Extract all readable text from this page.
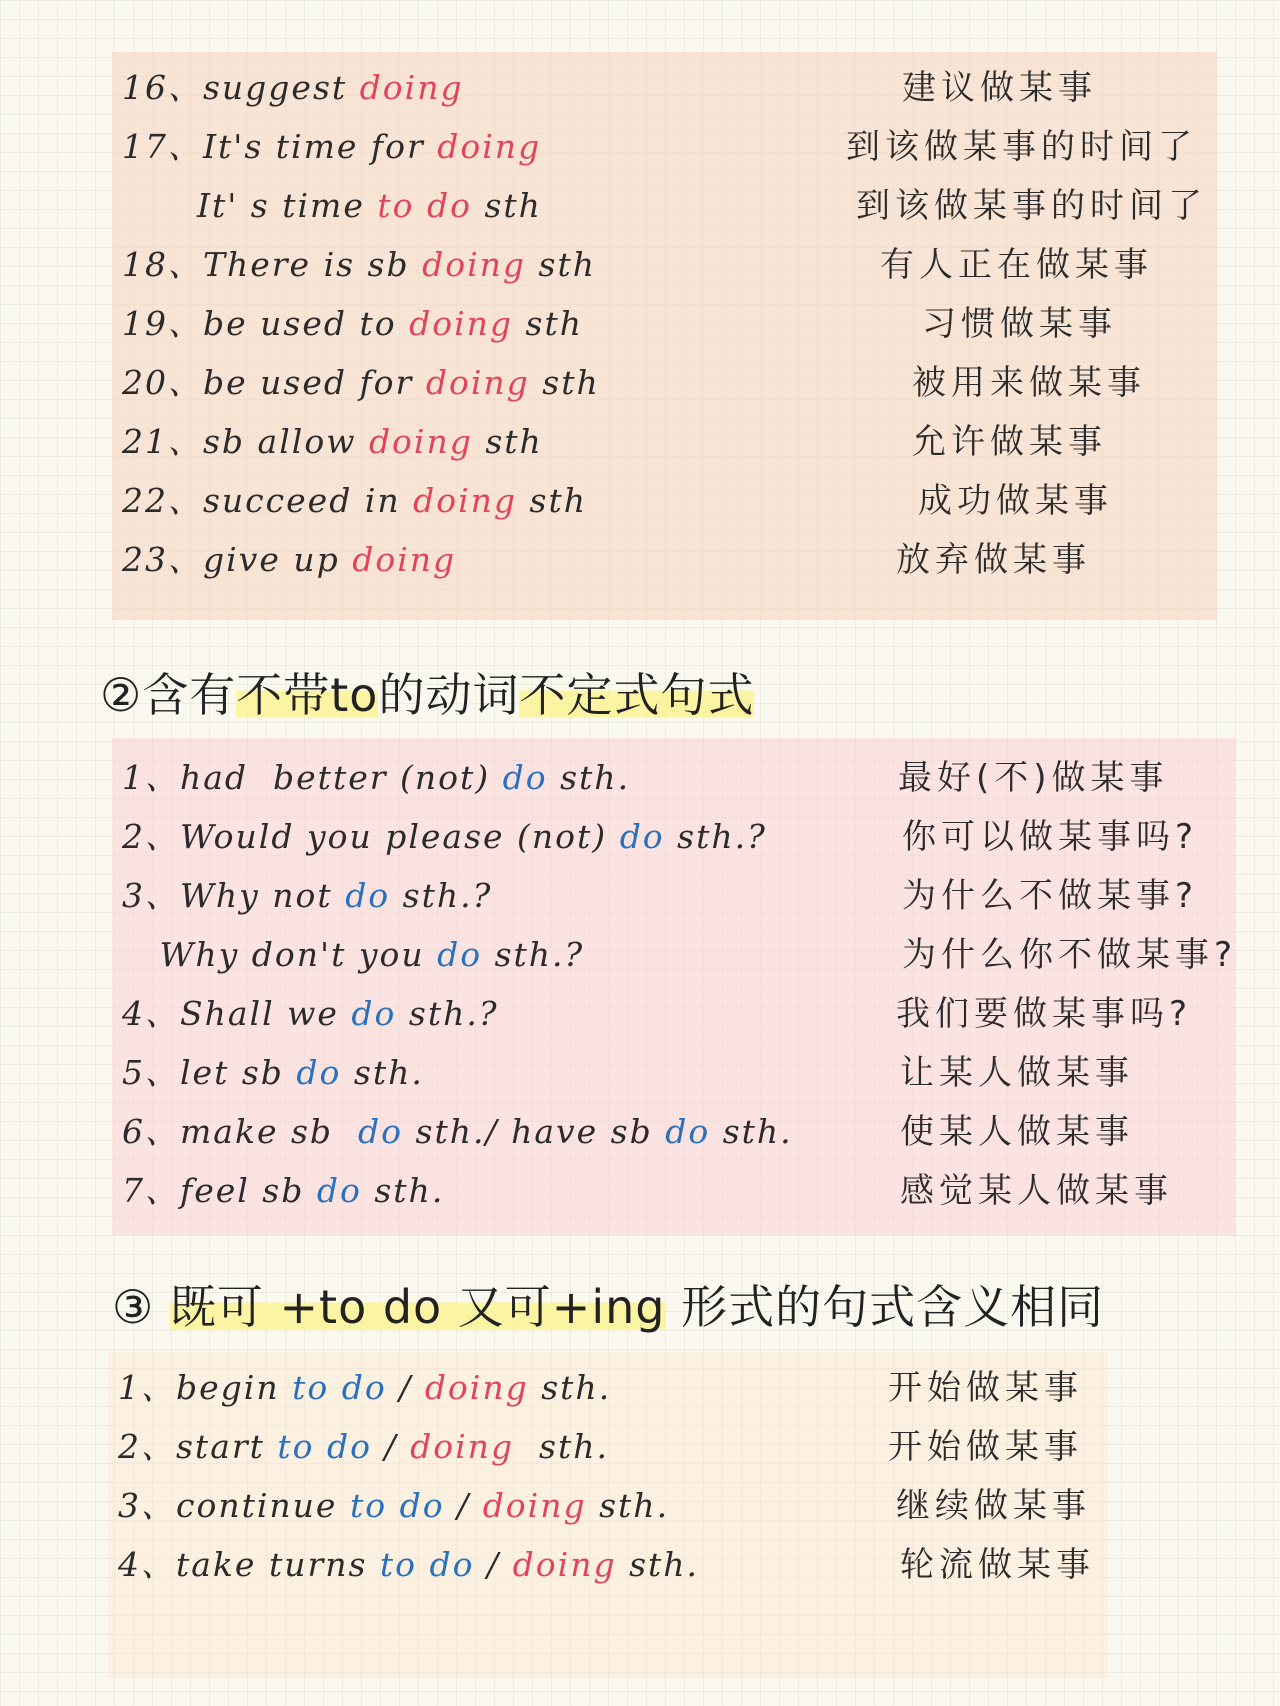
16、suggest doing	建议做某事
17、It's time for doing	到该做某事的时间了
It' s time to do sth	到该做某事的时间了
18、There is sb doing sth	有人正在做某事
19、be used to doing sth	习惯做某事
20、be used for doing sth	被用来做某事
21、sb allow doing sth	允许做某事
22、succeed in doing sth	成功做某事
23、give up doing	放弃做某事
②含有不带to的动词不定式句式
1、had  better (not) do sth.	最好(不)做某事
2、Would you please (not) do sth.?	你可以做某事吗?
3、Why not do sth.?	为什么不做某事?
Why don't you do sth.?	为什么你不做某事?
4、Shall we do sth.?	我们要做某事吗?
5、let sb do sth.	让某人做某事
6、make sb  do sth./ have sb do sth.	使某人做某事
7、feel sb do sth.	感觉某人做某事
③ 既可 +to do 又可+ing 形式的句式含义相同
1、begin to do / doing sth.	开始做某事
2、start to do / doing  sth.	开始做某事
3、continue to do / doing sth.	继续做某事
4、take turns to do / doing sth.	轮流做某事
